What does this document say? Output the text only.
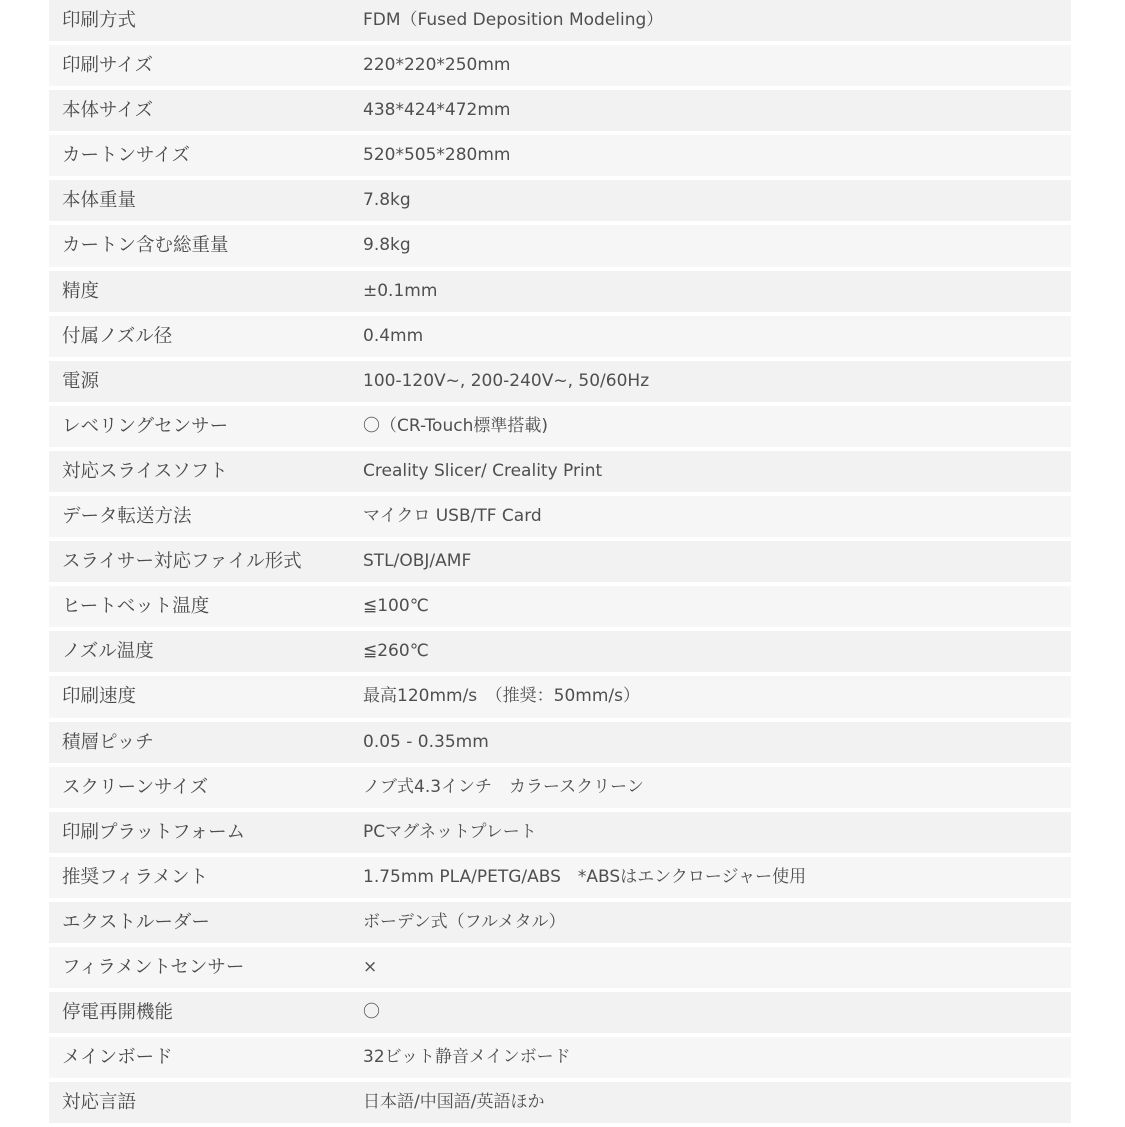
印刷方式	FDM（Fused Deposition Modeling）
印刷サイズ	220*220*250mm
本体サイズ	438*424*472mm
カートンサイズ	520*505*280mm
本体重量	7.8kg
カートン含む総重量	9.8kg
精度	±0.1mm
付属ノズル径	0.4mm
電源	100-120V~, 200-240V~, 50/60Hz
レベリングセンサー	〇（CR-Touch標準搭載)
対応スライスソフト	Creality Slicer/ Creality Print
データ転送方法	マイクロ USB/TF Card
スライサー対応ファイル形式	STL/OBJ/AMF
ヒートベット温度	≦100℃
ノズル温度	≦260℃
印刷速度	最高120mm/s　（推奨：50mm/s）
積層ピッチ	0.05 - 0.35mm
スクリーンサイズ	ノブ式4.3インチ　カラースクリーン
印刷プラットフォーム	PCマグネットプレート
推奨フィラメント	1.75mm PLA/PETG/ABS　*ABSはエンクロージャー使用
エクストルーダー	ボーデン式（フルメタル）
フィラメントセンサー	×
停電再開機能	〇
メインボード	32ビット静音メインボード
対応言語	日本語/中国語/英語ほか
